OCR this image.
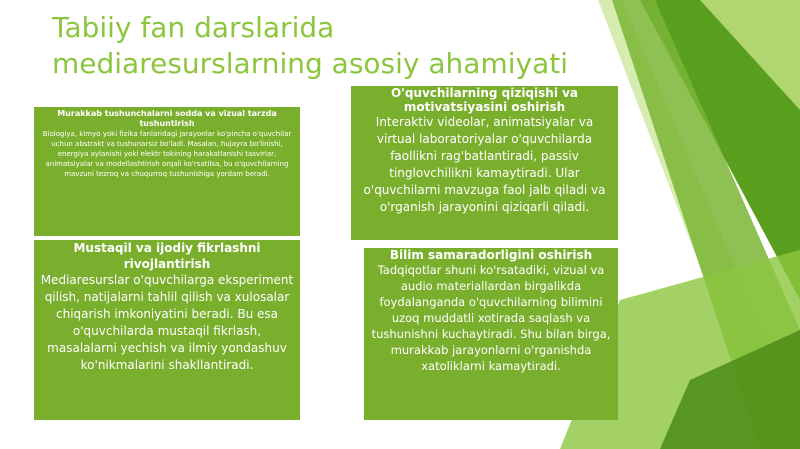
Tabiiy fan darslarida mediaresurslarning asosiy ahamiyati
Murakkab tushunchalarni sodda va vizual tarzda tushuntirish

Biologiya, kimyo yoki fizika fanlaridagi jarayonlar ko'pincha o'quvchilar uchun abstrakt va tushunarsiz bo'ladi. Masalan, hujayra bo'linishi, energiya aylanishi yoki elektr tokining harakatlanishi tasvirlar, animatsiyalar va modellashtirish orqali ko'rsatilsa, bu o'quvchilarning mavzuni tezroq va chuqurroq tushunishiga yordam beradi.

O'quvchilarning qiziqishi va motivatsiyasini oshirish

Interaktiv videolar, animatsiyalar va virtual laboratoriyalar o'quvchilarda faollikni rag'batlantiradi, passiv tinglovchilikni kamaytiradi. Ular o'quvchilarni mavzuga faol jalb qiladi va o'rganish jarayonini qiziqarli qiladi.

Mustaqil va ijodiy fikrlashni rivojlantirish

Mediaresurslar o'quvchilarga eksperiment qilish, natijalarni tahlil qilish va xulosalar chiqarish imkoniyatini beradi. Bu esa o'quvchilarda mustaqil fikrlash, masalalarni yechish va ilmiy yondashuv ko'nikmalarini shakllantiradi.

Bilim samaradorligini oshirish

Tadqiqotlar shuni ko'rsatadiki, vizual va audio materiallardan birgalikda foydalanganda o'quvchilarning bilimini uzoq muddatli xotirada saqlash va tushunishni kuchaytiradi. Shu bilan birga, murakkab jarayonlarni o'rganishda xatoliklarni kamaytiradi.
